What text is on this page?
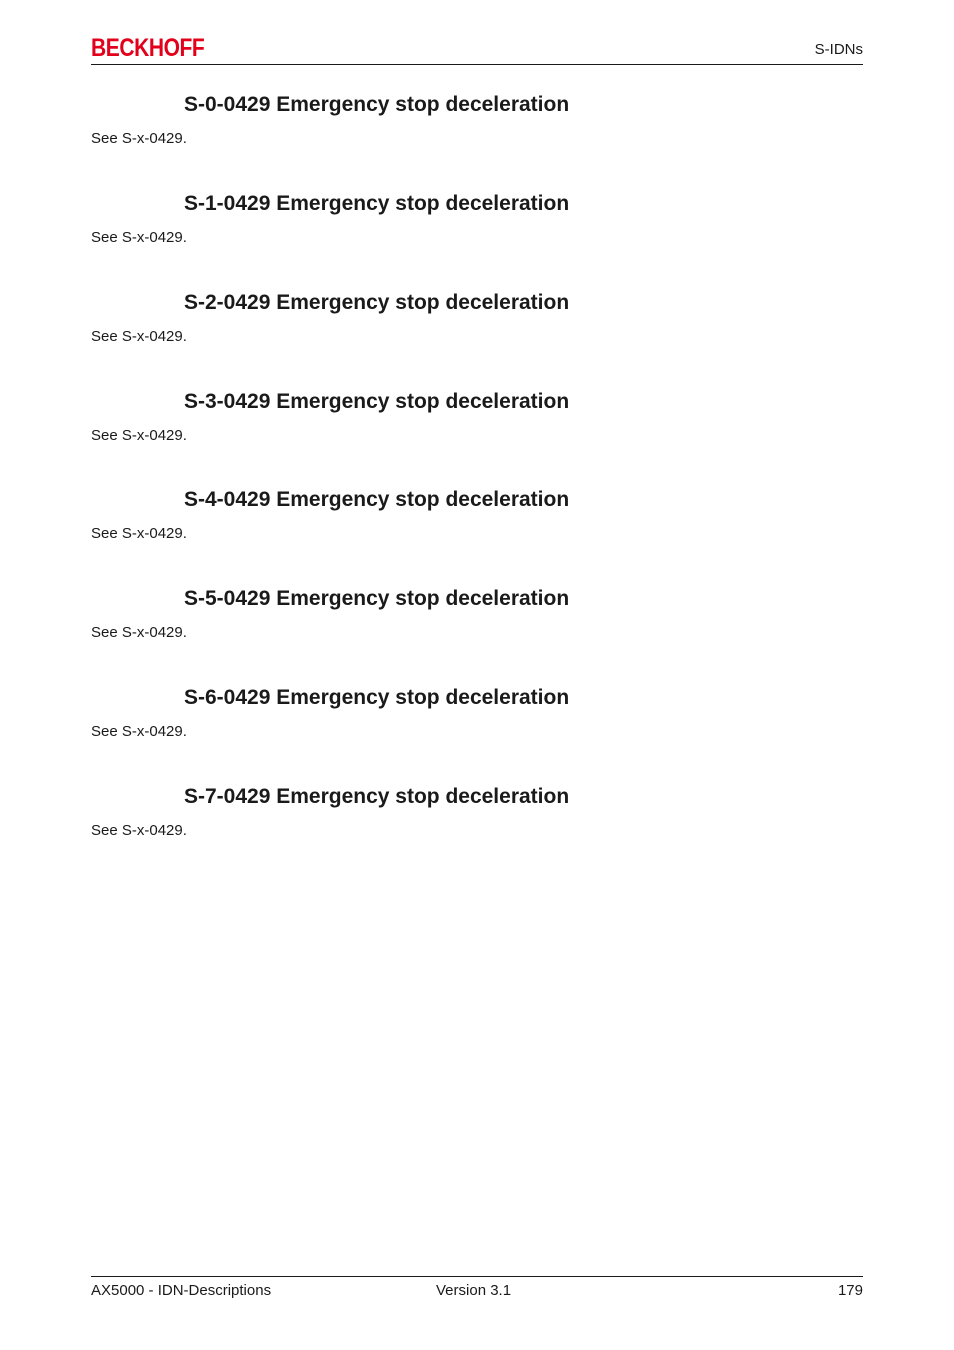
BECKHOFF	S-IDNs
S-0-0429 Emergency stop deceleration

See S-x-0429.

S-1-0429 Emergency stop deceleration

See S-x-0429.

S-2-0429 Emergency stop deceleration

See S-x-0429.

S-3-0429 Emergency stop deceleration

See S-x-0429.

S-4-0429 Emergency stop deceleration

See S-x-0429.

S-5-0429 Emergency stop deceleration

See S-x-0429.

S-6-0429 Emergency stop deceleration

See S-x-0429.

S-7-0429 Emergency stop deceleration

See S-x-0429.

AX5000 - IDN-Descriptions	Version 3.1	179
